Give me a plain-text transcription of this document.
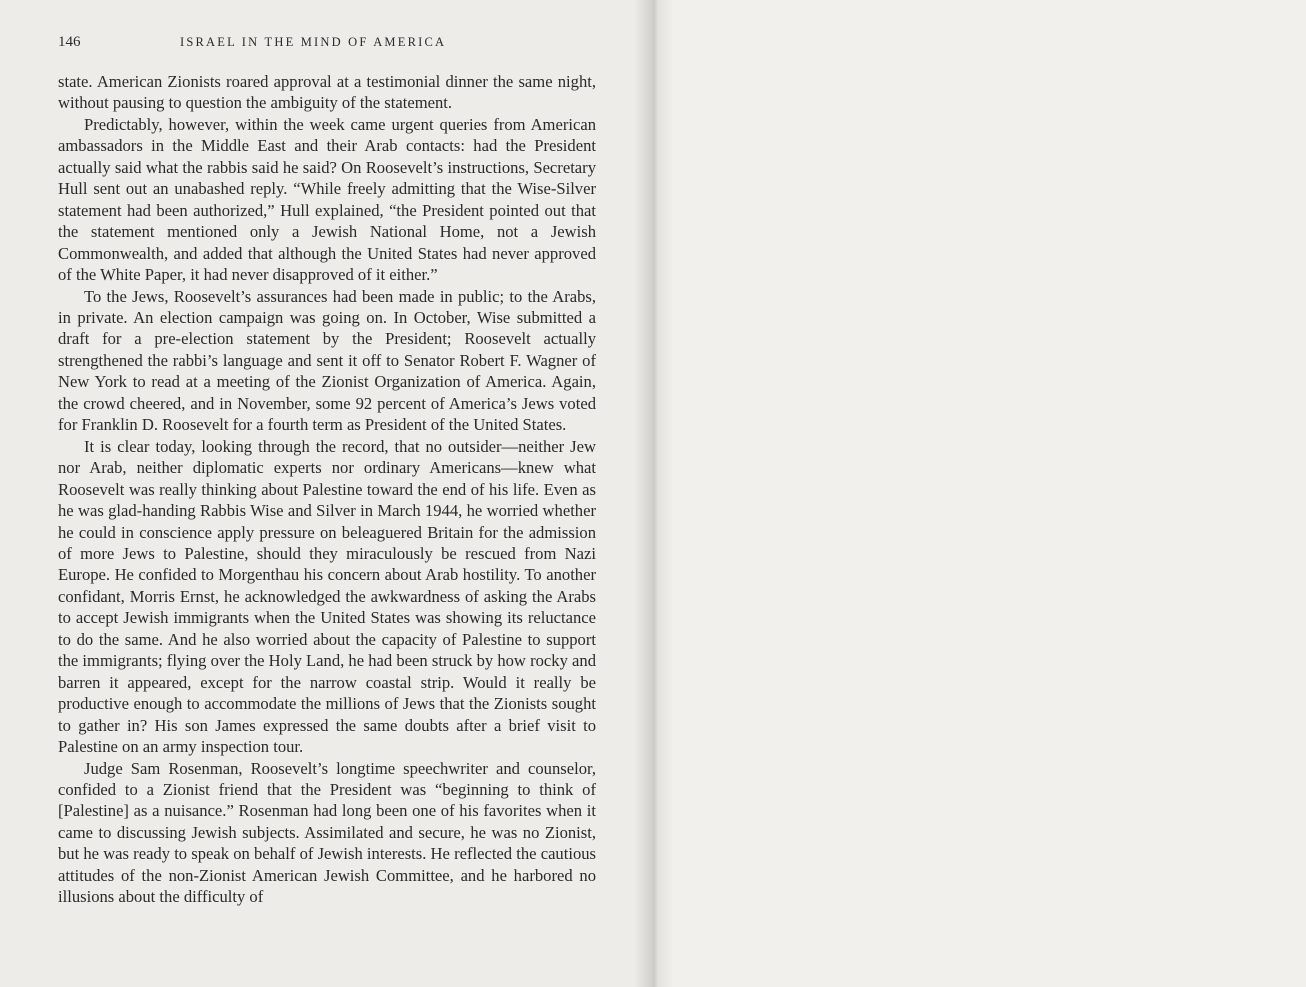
146	ISRAEL IN THE MIND OF AMERICA

state. American Zionists roared approval at a testimonial dinner the same night, without pausing to question the ambiguity of the statement.

Predictably, however, within the week came urgent queries from American ambassadors in the Middle East and their Arab contacts: had the President actually said what the rabbis said he said? On Roosevelt’s instructions, Secretary Hull sent out an unabashed reply. “While freely admitting that the Wise-Silver statement had been authorized,” Hull explained, “the President pointed out that the statement mentioned only a Jewish National Home, not a Jewish Commonwealth, and added that although the United States had never approved of the White Paper, it had never disapproved of it either.”

To the Jews, Roosevelt’s assurances had been made in public; to the Arabs, in private. An election campaign was going on. In October, Wise submitted a draft for a pre-election statement by the President; Roosevelt actually strengthened the rabbi’s language and sent it off to Senator Robert F. Wagner of New York to read at a meeting of the Zionist Organization of America. Again, the crowd cheered, and in November, some 92 percent of America’s Jews voted for Franklin D. Roosevelt for a fourth term as President of the United States.

It is clear today, looking through the record, that no outsider—neither Jew nor Arab, neither diplomatic experts nor ordinary Americans—knew what Roosevelt was really thinking about Palestine toward the end of his life. Even as he was glad-handing Rabbis Wise and Silver in March 1944, he worried whether he could in conscience apply pressure on beleaguered Britain for the admission of more Jews to Palestine, should they miraculously be rescued from Nazi Europe. He confided to Morgenthau his concern about Arab hostility. To another confidant, Morris Ernst, he acknowledged the awkwardness of asking the Arabs to accept Jewish immigrants when the United States was showing its reluctance to do the same. And he also worried about the capacity of Palestine to support the immigrants; flying over the Holy Land, he had been struck by how rocky and barren it appeared, except for the narrow coastal strip. Would it really be productive enough to accommodate the millions of Jews that the Zionists sought to gather in? His son James expressed the same doubts after a brief visit to Palestine on an army inspection tour.

Judge Sam Rosenman, Roosevelt’s longtime speechwriter and counselor, confided to a Zionist friend that the President was “beginning to think of [Palestine] as a nuisance.” Rosenman had long been one of his favorites when it came to discussing Jewish subjects. Assimilated and secure, he was no Zionist, but he was ready to speak on behalf of Jewish interests. He reflected the cautious attitudes of the non-Zionist American Jewish Committee, and he harbored no illusions about the difficulty of
